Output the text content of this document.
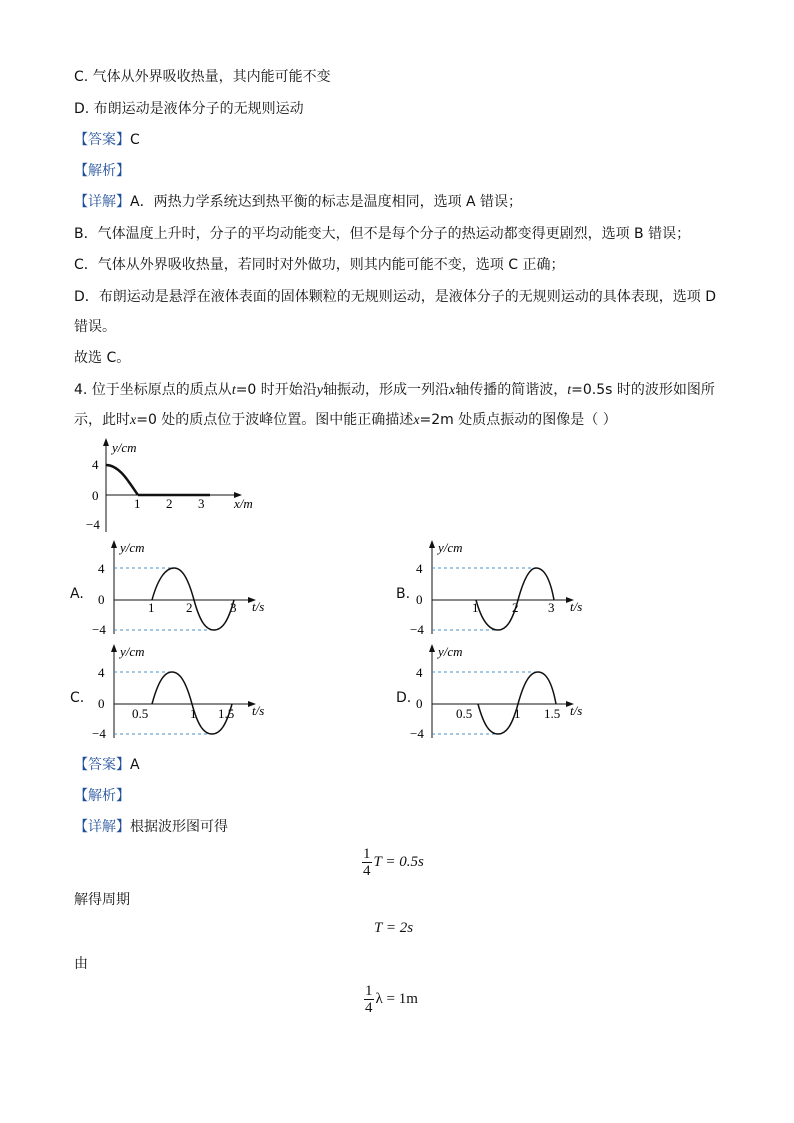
C. 气体从外界吸收热量，其内能可能不变
D. 布朗运动是液体分子的无规则运动
【答案】C
【解析】
【详解】A．两热力学系统达到热平衡的标志是温度相同，选项 A 错误；
B．气体温度上升时，分子的平均动能变大，但不是每个分子的热运动都变得更剧烈，选项 B 错误；
C．气体从外界吸收热量，若同时对外做功，则其内能可能不变，选项 C 正确；
D．布朗运动是悬浮在液体表面的固体颗粒的无规则运动，是液体分子的无规则运动的具体表现，选项 D
错误。
故选 C。
4. 位于坐标原点的质点从t=0 时开始沿y轴振动，形成一列沿x轴传播的简谐波，t=0.5s 时的波形如图所
示，此时x=0 处的质点位于波峰位置。图中能正确描述x=2m 处质点振动的图像是（ ）
y/cm
x/m
4
0
−4
1 2 3
A.
y/cm
t/s
4
0
−4
1 2	3
B.
y/cm
t/s
4
0
−4
1	2 3
C.
y/cm
t/s
4
0
−4
0.5	1 1.5
D.
y/cm
t/s
4
0
−4
0.5	1 1.5
【答案】A
【解析】
【详解】根据波形图可得
$\frac{1}{4}$ T = 0.5s
解得周期
T = 2s
由
$\frac{1}{4}$ λ = 1m
